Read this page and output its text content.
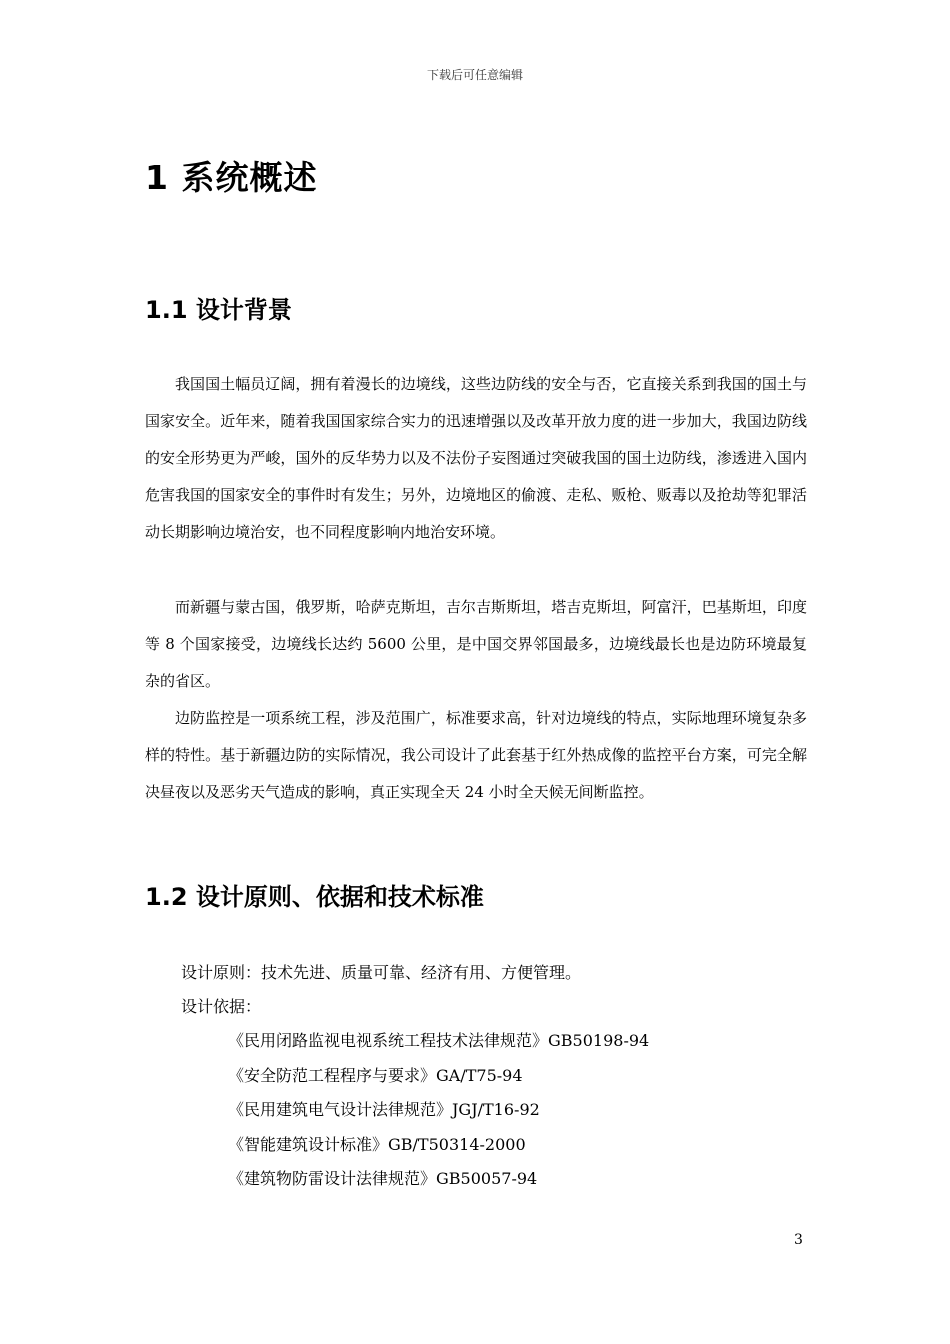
下载后可任意编辑
1 系统概述
1.1 设计背景

我国国土幅员辽阔，拥有着漫长的边境线，这些边防线的安全与否，它直接关系到我国的国土与国家安全。近年来，随着我国国家综合实力的迅速增强以及改革开放力度的进一步加大，我国边防线的安全形势更为严峻，国外的反华势力以及不法份子妄图通过突破我国的国土边防线，渗透进入国内危害我国的国家安全的事件时有发生；另外，边境地区的偷渡、走私、贩枪、贩毒以及抢劫等犯罪活动长期影响边境治安，也不同程度影响内地治安环境。

而新疆与蒙古国，俄罗斯，哈萨克斯坦，吉尔吉斯斯坦，塔吉克斯坦，阿富汗，巴基斯坦，印度等 8 个国家接受，边境线长达约 5600 公里，是中国交界邻国最多，边境线最长也是边防环境最复杂的省区。

边防监控是一项系统工程，涉及范围广，标准要求高，针对边境线的特点，实际地理环境复杂多样的特性。基于新疆边防的实际情况，我公司设计了此套基于红外热成像的监控平台方案，可完全解决昼夜以及恶劣天气造成的影响，真正实现全天 24 小时全天候无间断监控。

1.2 设计原则、依据和技术标准
设计原则：技术先进、质量可靠、经济有用、方便管理。
设计依据：
《民用闭路监视电视系统工程技术法律规范》GB50198-94
《安全防范工程程序与要求》GA/T75-94
《民用建筑电气设计法律规范》JGJ/T16-92
《智能建筑设计标准》GB/T50314-2000
《建筑物防雷设计法律规范》GB50057-94
3
